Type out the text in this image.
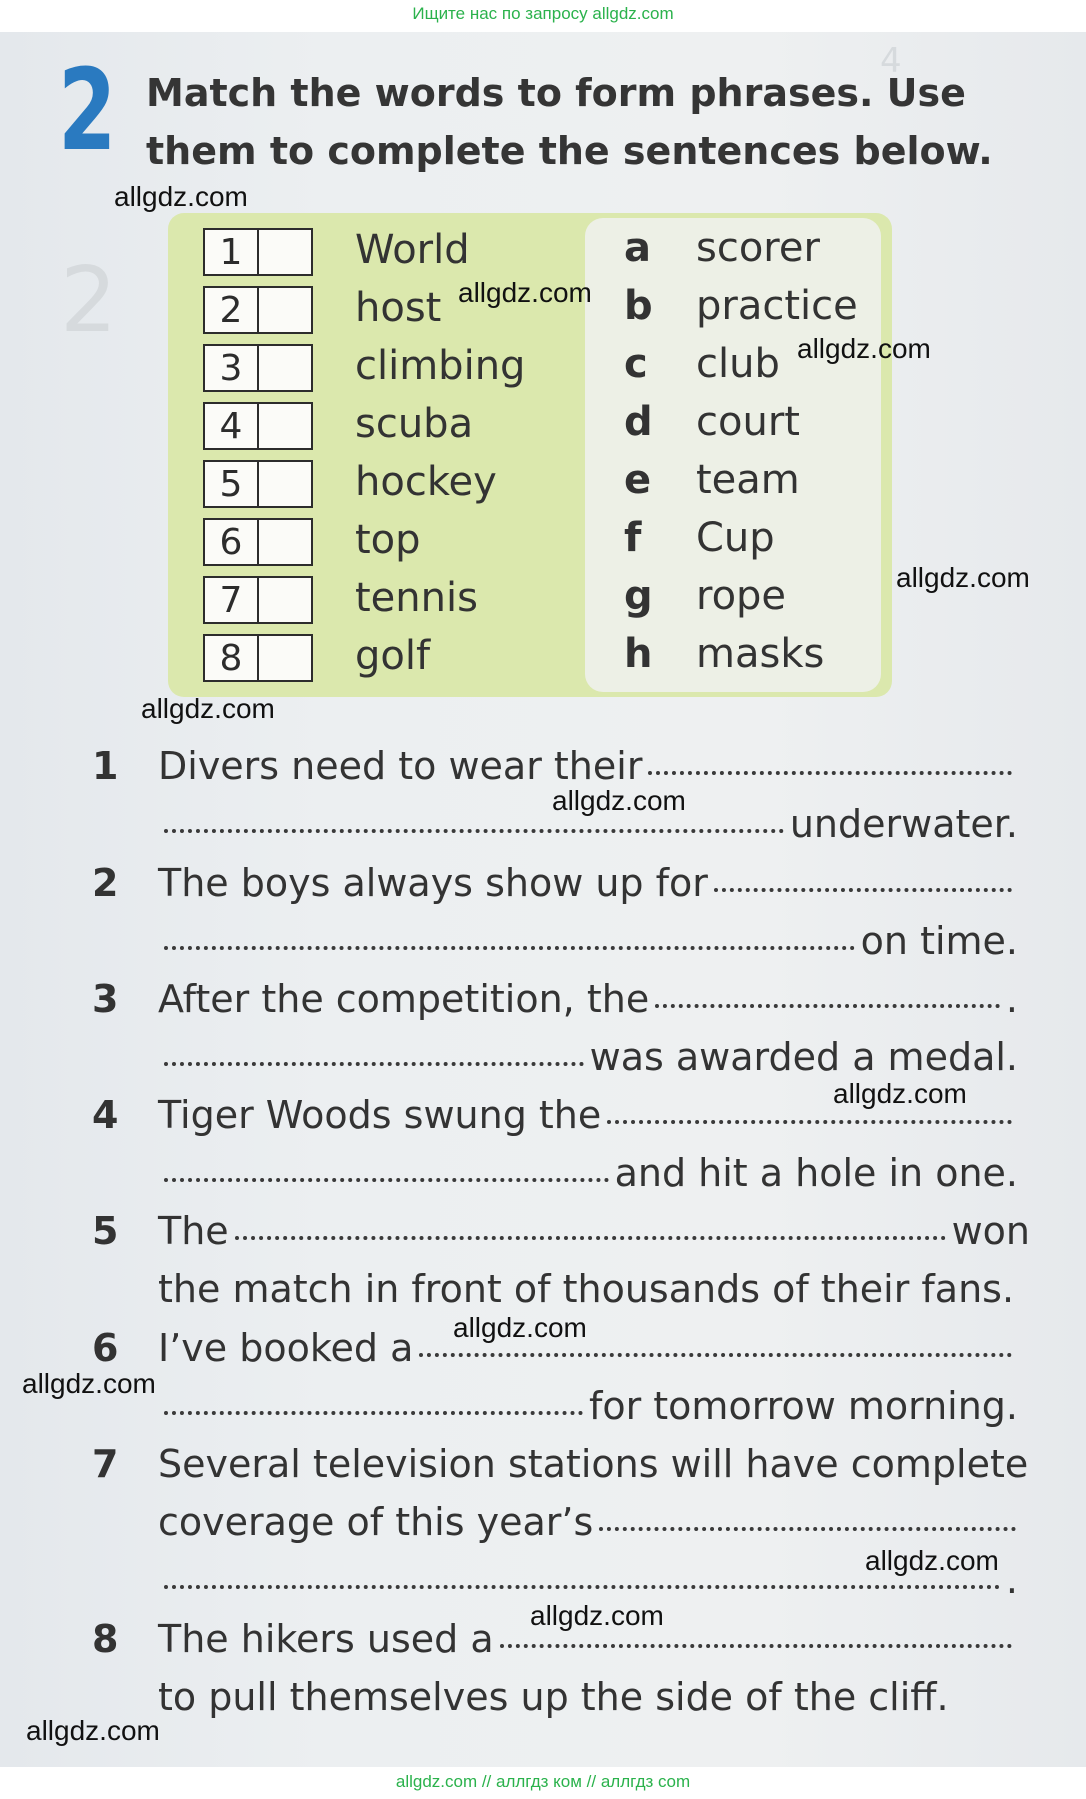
Ищите нас по запросу allgdz.com
4
2
2 Match the words to form phrases. Use them to complete the sentences below.
1	World
2	host
3	climbing
4	scuba
5	hockey
6	top
7	tennis
8	golf
a scorer
b practice
c club
d court
e team
f Cup
g rope
h masks
1 Divers need to wear their
underwater.
2 The boys always show up for
on time.
3 After the competition, the	.
was awarded a medal.
4 Tiger Woods swung the
and hit a hole in one.
5 The	won
the match in front of thousands of their fans.
6 I’ve booked a
for tomorrow morning.
7 Several television stations will have complete
coverage of this year’s
.
8 The hikers used a
to pull themselves up the side of the cliff.
allgdz.com
allgdz.com
allgdz.com
allgdz.com
allgdz.com
allgdz.com
allgdz.com
allgdz.com
allgdz.com
allgdz.com
allgdz.com
allgdz.com
allgdz.com // аллгдз ком // аллгдз com
